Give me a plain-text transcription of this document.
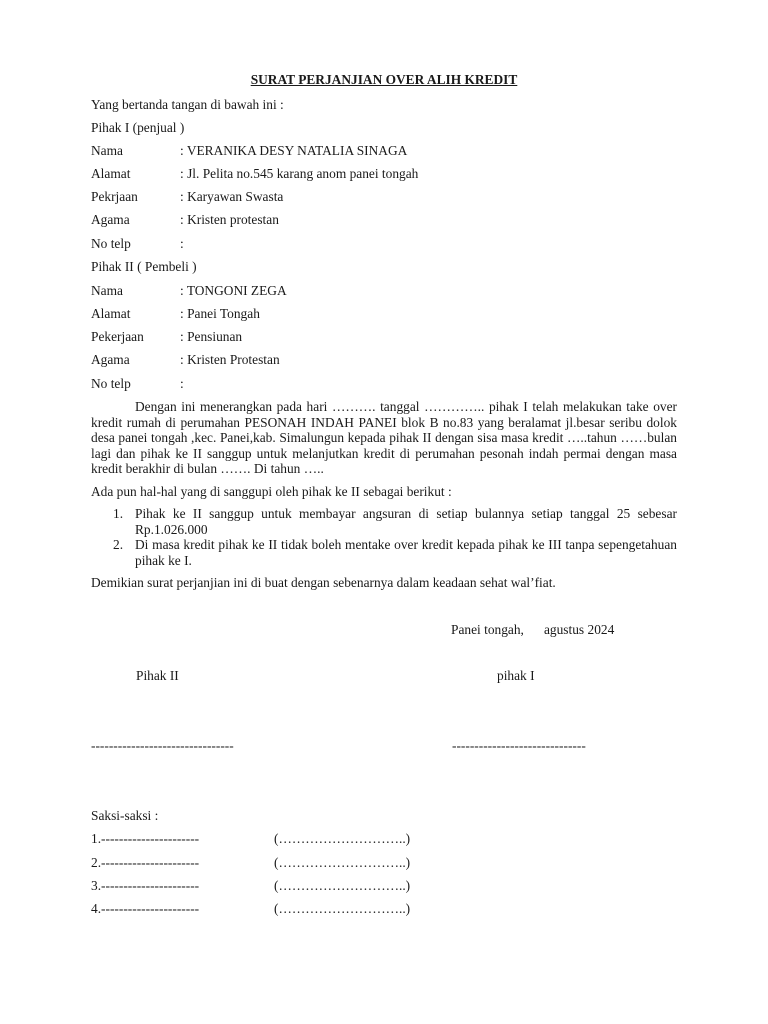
SURAT PERJANJIAN OVER ALIH KREDIT
Yang bertanda tangan di bawah ini :
Pihak I (penjual )
Nama	: VERANIKA DESY NATALIA SINAGA
Alamat	: Jl. Pelita no.545 karang anom panei tongah
Pekrjaan	: Karyawan Swasta
Agama	: Kristen protestan
No telp	:
Pihak II ( Pembeli )
Nama	: TONGONI ZEGA
Alamat	: Panei Tongah
Pekerjaan	: Pensiunan
Agama	: Kristen Protestan
No telp	:
Dengan ini menerangkan pada hari ………. tanggal ………….. pihak I telah melakukan take over kredit rumah di perumahan PESONAH INDAH PANEI blok B no.83 yang beralamat jl.besar seribu dolok desa panei tongah ,kec. Panei,kab. Simalungun kepada pihak II dengan sisa masa kredit …..tahun ……bulan lagi dan pihak ke II sanggup untuk melanjutkan kredit di perumahan pesonah indah permai dengan masa kredit berakhir di bulan ……. Di tahun …..
Ada pun hal-hal yang di sanggupi oleh pihak ke II sebagai berikut :
1. Pihak ke II sanggup untuk membayar angsuran di setiap bulannya setiap tanggal 25 sebesar Rp.1.026.000
2. Di masa kredit pihak ke II tidak boleh mentake over kredit kepada pihak ke III tanpa sepengetahuan pihak ke I.
Demikian surat perjanjian ini di buat dengan sebenarnya dalam keadaan sehat wal’fiat.
Panei tongah,      agustus 2024
Pihak II	pihak I
--------------------------------	------------------------------
Saksi-saksi :
1.----------------------	(………………………..)
2.----------------------	(………………………..)
3.----------------------	(………………………..)
4.----------------------	(………………………..)
